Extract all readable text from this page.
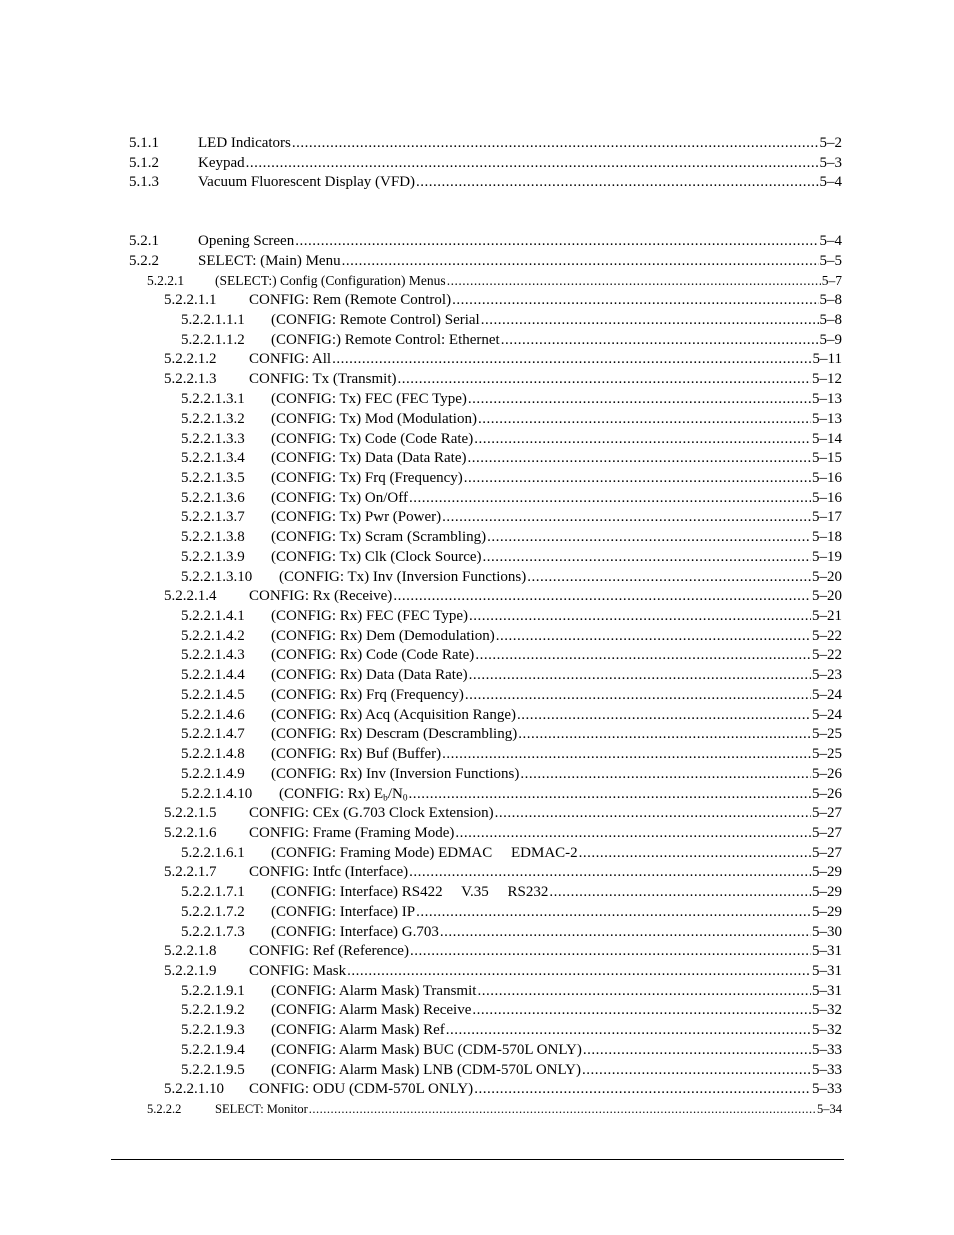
5.1.1	LED Indicators .....	5–2
5.1.2	Keypad .....	5–3
5.1.3	Vacuum Fluorescent Display (VFD) .....	5–4
5.2.1	Opening Screen .....	5–4
5.2.2	SELECT: (Main) Menu .....	5–5
5.2.2.1	(SELECT:) Config (Configuration) Menus .....	5–7
5.2.2.1.1	CONFIG: Rem (Remote Control) .....	5–8
5.2.2.1.1.1	(CONFIG: Remote Control) Serial .....	5–8
5.2.2.1.1.2	(CONFIG:) Remote Control: Ethernet .....	5–9
5.2.2.1.2	CONFIG: All .....	5–11
5.2.2.1.3	CONFIG: Tx (Transmit) .....	5–12
5.2.2.1.3.1	(CONFIG: Tx) FEC (FEC Type) .....	5–13
5.2.2.1.3.2	(CONFIG: Tx) Mod (Modulation) .....	5–13
5.2.2.1.3.3	(CONFIG: Tx) Code (Code Rate) .....	5–14
5.2.2.1.3.4	(CONFIG: Tx) Data (Data Rate) .....	5–15
5.2.2.1.3.5	(CONFIG: Tx) Frq (Frequency) .....	5–16
5.2.2.1.3.6	(CONFIG: Tx) On/Off .....	5–16
5.2.2.1.3.7	(CONFIG: Tx) Pwr (Power) .....	5–17
5.2.2.1.3.8	(CONFIG: Tx) Scram (Scrambling) .....	5–18
5.2.2.1.3.9	(CONFIG: Tx) Clk (Clock Source) .....	5–19
5.2.2.1.3.10	(CONFIG: Tx) Inv (Inversion Functions) .....	5–20
5.2.2.1.4	CONFIG: Rx (Receive) .....	5–20
5.2.2.1.4.1	(CONFIG: Rx) FEC (FEC Type) .....	5–21
5.2.2.1.4.2	(CONFIG: Rx) Dem (Demodulation) .....	5–22
5.2.2.1.4.3	(CONFIG: Rx) Code (Code Rate) .....	5–22
5.2.2.1.4.4	(CONFIG: Rx) Data (Data Rate) .....	5–23
5.2.2.1.4.5	(CONFIG: Rx) Frq (Frequency) .....	5–24
5.2.2.1.4.6	(CONFIG: Rx) Acq (Acquisition Range) .....	5–24
5.2.2.1.4.7	(CONFIG: Rx) Descram (Descrambling) .....	5–25
5.2.2.1.4.8	(CONFIG: Rx) Buf (Buffer) .....	5–25
5.2.2.1.4.9	(CONFIG: Rx) Inv (Inversion Functions) .....	5–26
5.2.2.1.4.10	(CONFIG: Rx) $E_b/N_0$ .....	5–26
5.2.2.1.5	CONFIG: CEx (G.703 Clock Extension) .....	5–27
5.2.2.1.6	CONFIG: Frame (Framing Mode) .....	5–27
5.2.2.1.6.1	(CONFIG: Framing Mode) EDMAC     EDMAC-2 .....	5–27
5.2.2.1.7	CONFIG: Intfc (Interface) .....	5–29
5.2.2.1.7.1	(CONFIG: Interface) RS422     V.35     RS232 .....	5–29
5.2.2.1.7.2	(CONFIG: Interface) IP .....	5–29
5.2.2.1.7.3	(CONFIG: Interface) G.703 .....	5–30
5.2.2.1.8	CONFIG: Ref (Reference) .....	5–31
5.2.2.1.9	CONFIG: Mask .....	5–31
5.2.2.1.9.1	(CONFIG: Alarm Mask) Transmit .....	5–31
5.2.2.1.9.2	(CONFIG: Alarm Mask) Receive .....	5–32
5.2.2.1.9.3	(CONFIG: Alarm Mask) Ref .....	5–32
5.2.2.1.9.4	(CONFIG: Alarm Mask) BUC (CDM-570L ONLY) .....	5–33
5.2.2.1.9.5	(CONFIG: Alarm Mask) LNB (CDM-570L ONLY) .....	5–33
5.2.2.1.10	CONFIG: ODU (CDM-570L ONLY) .....	5–33
5.2.2.2	SELECT: Monitor .....	5–34
